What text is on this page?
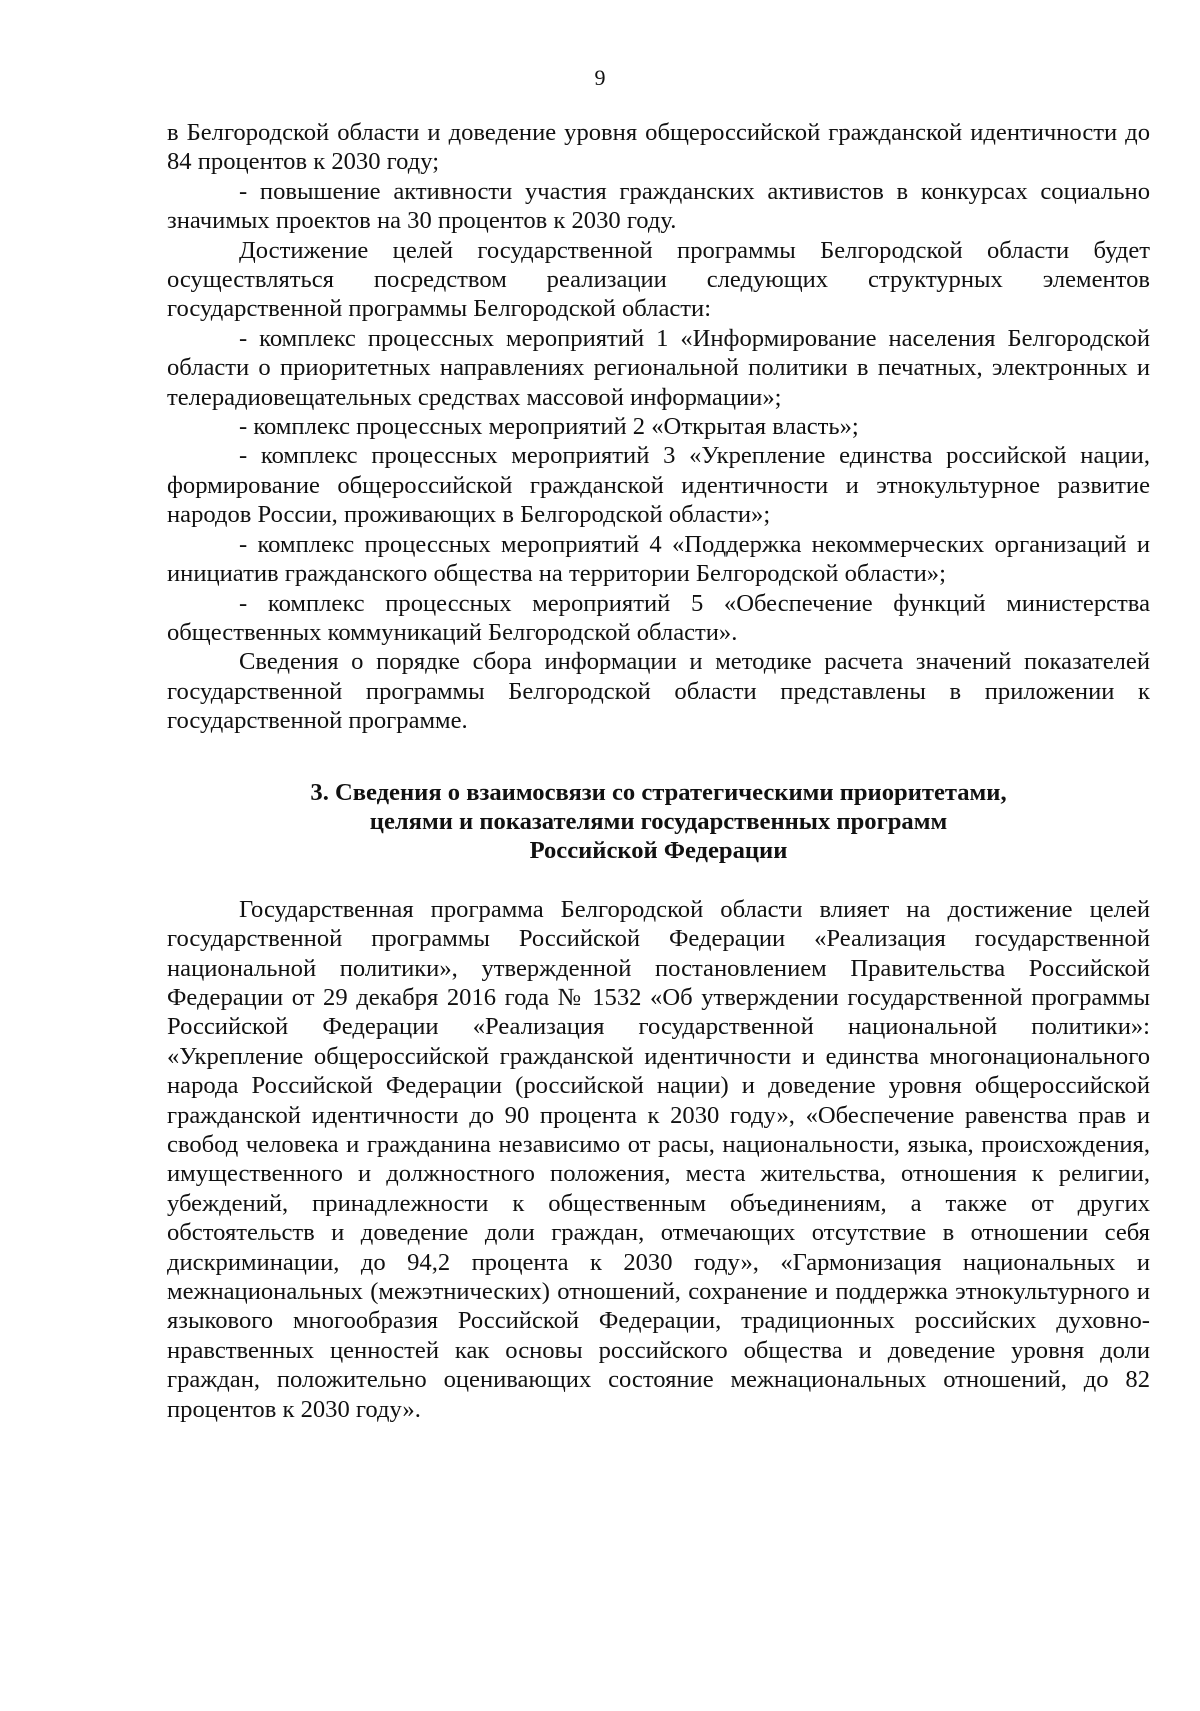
9

в Белгородской области и доведение уровня общероссийской гражданской идентичности до 84 процентов к 2030 году;

- повышение активности участия гражданских активистов в конкурсах социально значимых проектов на 30 процентов к 2030 году.

Достижение целей государственной программы Белгородской области будет осуществляться посредством реализации следующих структурных элементов государственной программы Белгородской области:

- комплекс процессных мероприятий 1 «Информирование населения Белгородской области о приоритетных направлениях региональной политики в печатных, электронных и телерадиовещательных средствах массовой информации»;

- комплекс процессных мероприятий 2 «Открытая власть»;

- комплекс процессных мероприятий 3 «Укрепление единства российской нации, формирование общероссийской гражданской идентичности и этнокультурное развитие народов России, проживающих в Белгородской области»;

- комплекс процессных мероприятий 4 «Поддержка некоммерческих организаций и инициатив гражданского общества на территории Белгородской области»;

- комплекс процессных мероприятий 5 «Обеспечение функций министерства общественных коммуникаций Белгородской области».

Сведения о порядке сбора информации и методике расчета значений показателей государственной программы Белгородской области представлены в приложении к государственной программе.

3. Сведения о взаимосвязи со стратегическими приоритетами,
целями и показателями государственных программ
Российской Федерации

Государственная программа Белгородской области влияет на достижение целей государственной программы Российской Федерации «Реализация государственной национальной политики», утвержденной постановлением Правительства Российской Федерации от 29 декабря 2016 года № 1532 «Об утверждении государственной программы Российской Федерации «Реализация государственной национальной политики»: «Укрепление общероссийской гражданской идентичности и единства многонационального народа Российской Федерации (российской нации) и доведение уровня общероссийской гражданской идентичности до 90 процента к 2030 году», «Обеспечение равенства прав и свобод человека и гражданина независимо от расы, национальности, языка, происхождения, имущественного и должностного положения, места жительства, отношения к религии, убеждений, принадлежности к общественным объединениям, а также от других обстоятельств и доведение доли граждан, отмечающих отсутствие в отношении себя дискриминации, до 94,2 процента к 2030 году», «Гармонизация национальных и межнациональных (межэтнических) отношений, сохранение и поддержка этнокультурного и языкового многообразия Российской Федерации, традиционных российских духовно-нравственных ценностей как основы российского общества и доведение уровня доли граждан, положительно оценивающих состояние межнациональных отношений, до 82 процентов к 2030 году».
